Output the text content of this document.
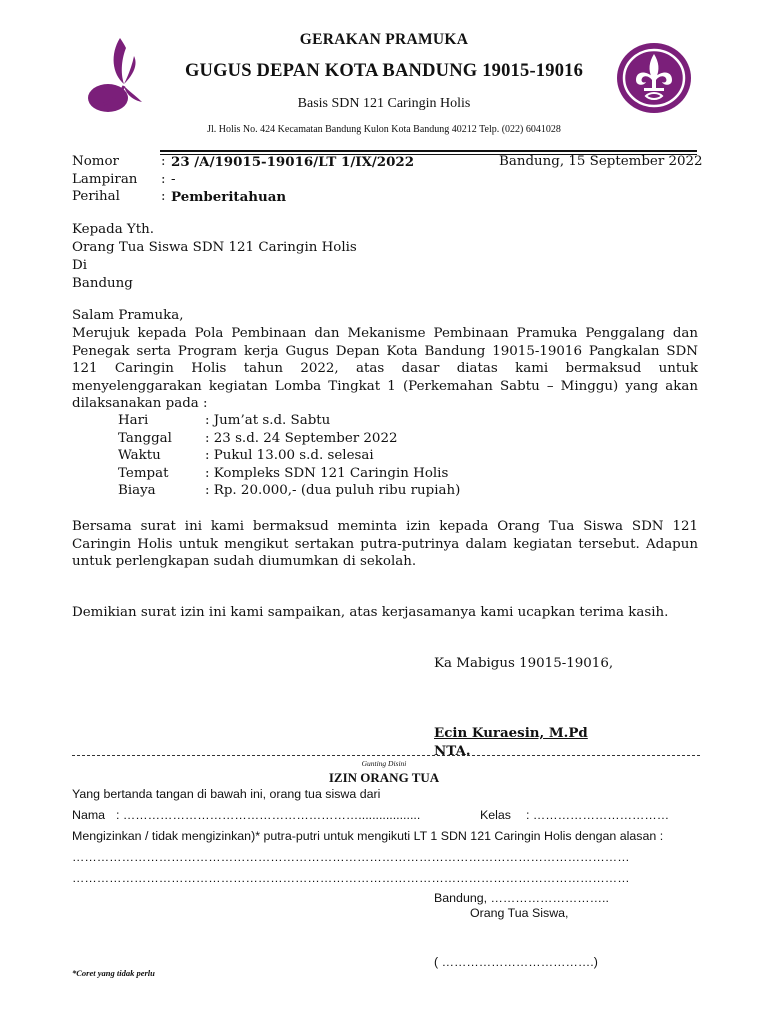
GERAKAN PRAMUKA
GUGUS DEPAN KOTA BANDUNG 19015-19016
Basis SDN 121 Caringin Holis
Jl. Holis No. 424 Kecamatan Bandung Kulon Kota Bandung 40212 Telp. (022) 6041028
Nomor	: 23 /A/19015-19016/LT 1/IX/2022	Bandung, 15 September 2022
Lampiran : -
Perihal	: Pemberitahuan
Kepada Yth.
Orang Tua Siswa SDN 121 Caringin Holis
Di
Bandung
Salam Pramuka,
Merujuk kepada Pola Pembinaan dan Mekanisme Pembinaan Pramuka Penggalang dan Penegak serta Program kerja Gugus Depan Kota Bandung 19015-19016 Pangkalan SDN 121 Caringin Holis tahun 2022, atas dasar diatas kami bermaksud untuk menyelenggarakan kegiatan Lomba Tingkat 1 (Perkemahan Sabtu – Minggu) yang akan dilaksanakan pada :
Hari	: Jum’at s.d. Sabtu
Tanggal : 23 s.d. 24 September 2022
Waktu	: Pukul 13.00 s.d. selesai
Tempat	: Kompleks SDN 121 Caringin Holis
Biaya	: Rp. 20.000,- (dua puluh ribu rupiah)
Bersama surat ini kami bermaksud meminta izin kepada Orang Tua Siswa SDN 121 Caringin Holis untuk mengikut sertakan putra-putrinya dalam kegiatan tersebut. Adapun untuk perlengkapan sudah diumumkan di sekolah.
Demikian surat izin ini kami sampaikan, atas kerjasamanya kami ucapkan terima kasih.
Ka Mabigus 19015-19016,
Ecin Kuraesin, M.Pd
NTA.
Gunting Disini
IZIN ORANG TUA
Yang bertanda tangan di bawah ini, orang tua siswa dari
Nama : …………………………………………………..................	Kelas : ……………………………
Mengizinkan / tidak mengizinkan)* putra-putri untuk mengikuti LT 1 SDN 121 Caringin Holis dengan alasan :
………………………………………………………………………………………………………………………
………………………………………………………………………………………………………………………
Bandung, ………………………..
Orang Tua Siswa,
( ……………………………….)
*Coret yang tidak perlu
